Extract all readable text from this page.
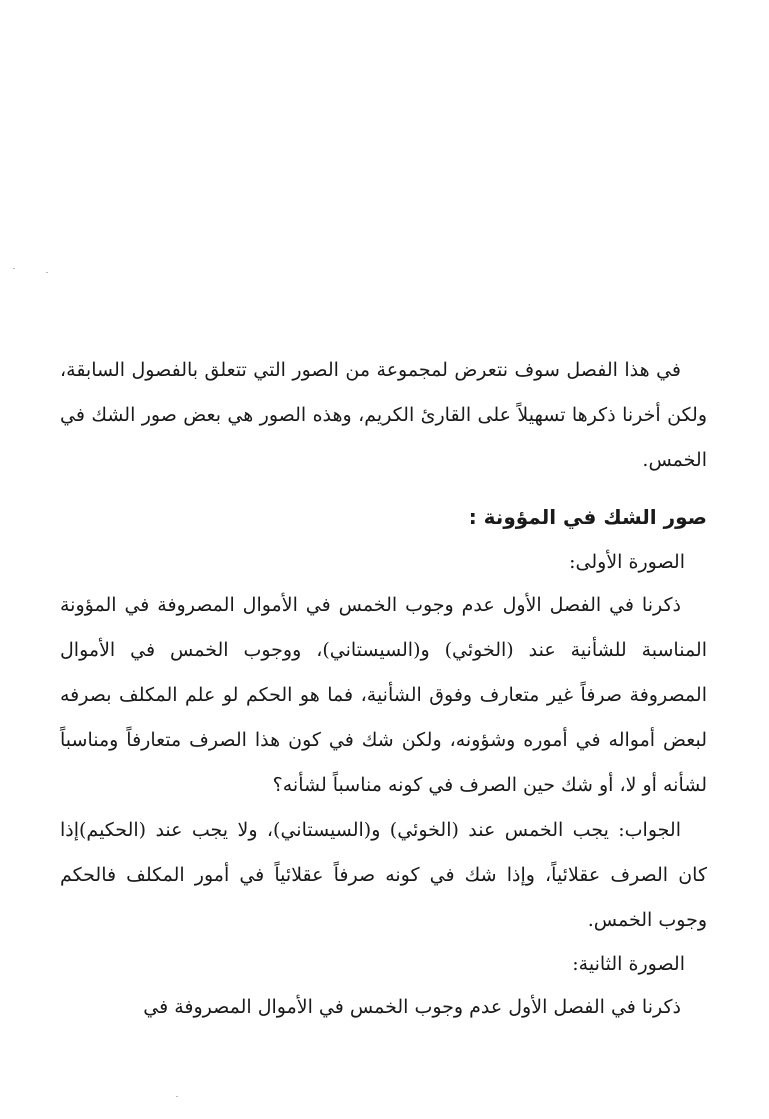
في هذا الفصل سوف نتعرض لمجموعة من الصور التي تتعلق بالفصول السابقة، ولكن أخرنا ذكرها تسهيلاً على القارئ الكريم، وهذه الصور هي بعض صور الشك في الخمس.

صور الشك في المؤونة :

الصورة الأولى:

ذكرنا في الفصل الأول عدم وجوب الخمس في الأموال المصروفة في المؤونة المناسبة للشأنية عند (الخوئي) و(السيستاني)، ووجوب الخمس في الأموال المصروفة صرفاً غير متعارف وفوق الشأنية، فما هو الحكم لو علم المكلف بصرفه لبعض أمواله في أموره وشؤونه، ولكن شك في كون هذا الصرف متعارفاً ومناسباً لشأنه أو لا، أو شك حين الصرف في كونه مناسباً لشأنه؟

الجواب: يجب الخمس عند (الخوئي) و(السيستاني)، ولا يجب عند (الحكيم)إذا كان الصرف عقلائياً، وإذا شك في كونه صرفاً عقلائياً في أمور المكلف فالحكم وجوب الخمس.

الصورة الثانية:

ذكرنا في الفصل الأول عدم وجوب الخمس في الأموال المصروفة في
